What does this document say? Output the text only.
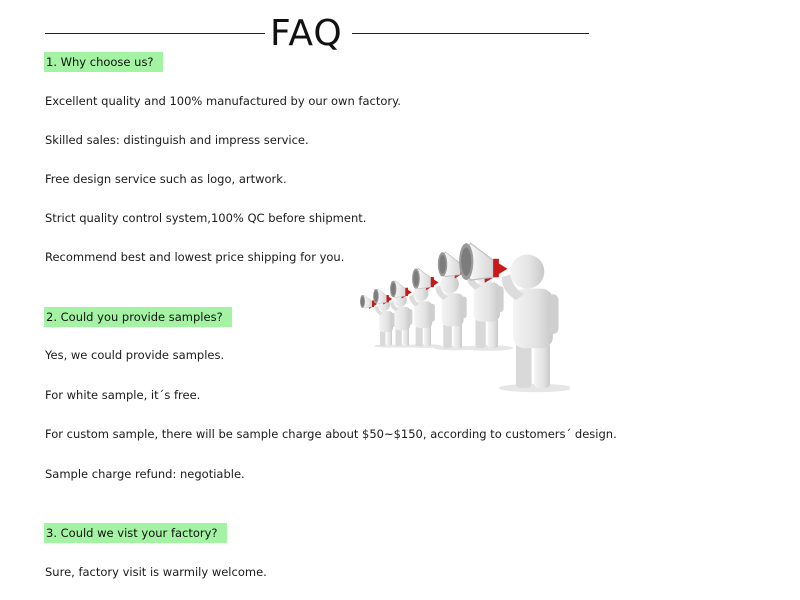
FAQ
1. Why choose us?
Excellent quality and 100% manufactured by our own factory.
Skilled sales: distinguish and impress service.
Free design service such as logo, artwork.
Strict quality control system,100% QC before shipment.
Recommend best and lowest price shipping for you.
2. Could you provide samples?
Yes, we could provide samples.
For white sample, it´s free.
For custom sample, there will be sample charge about $50~$150, according to customers´ design.
Sample charge refund: negotiable.
3. Could we vist your factory?
Sure, factory visit is warmily welcome.
